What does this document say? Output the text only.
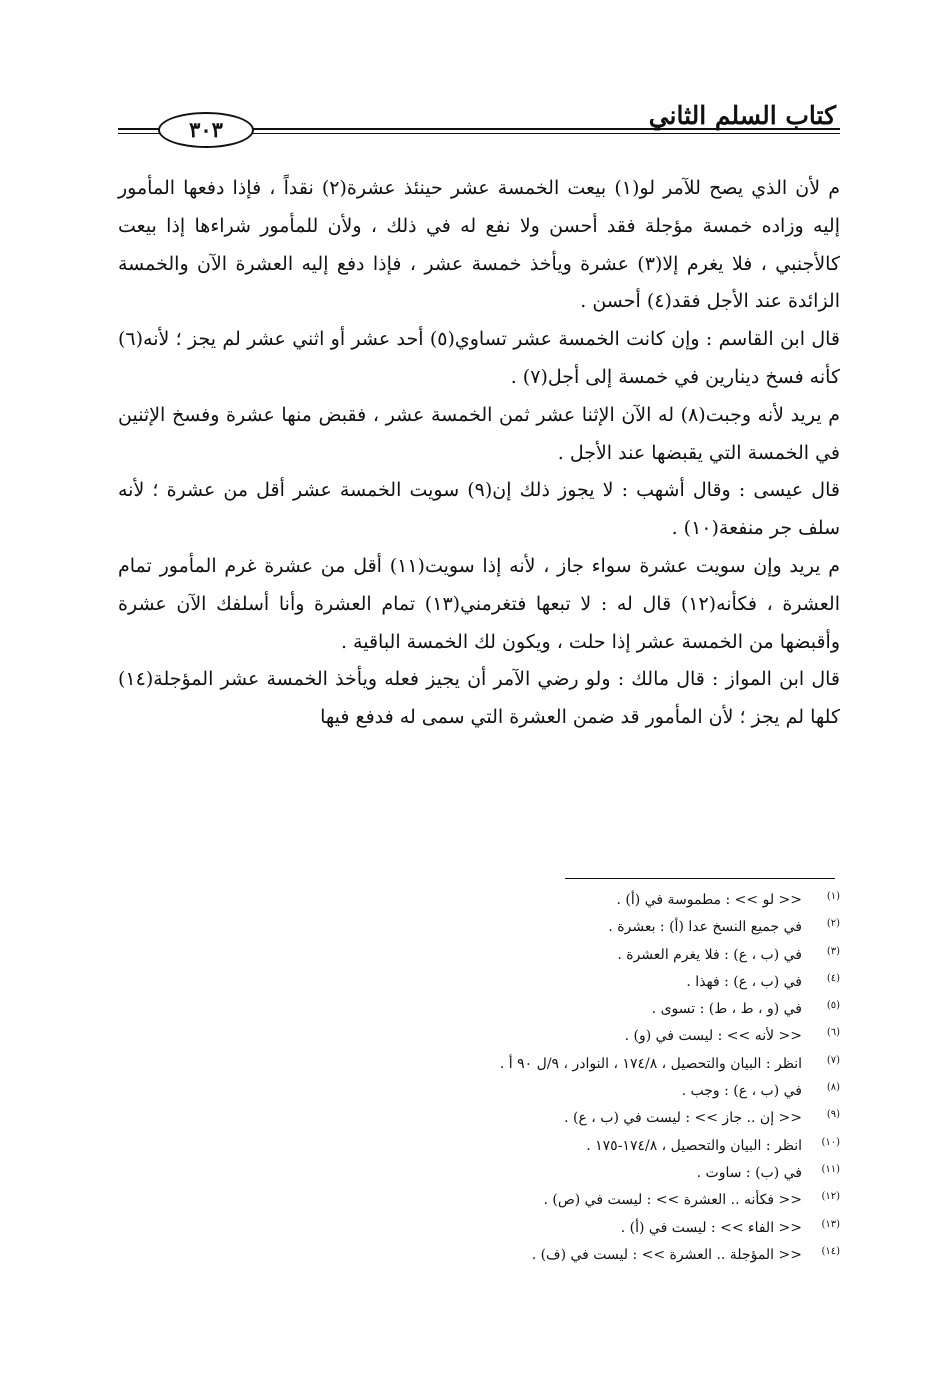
كتاب السلم الثاني
٣٠٣

م لأن الذي يصح للآمر لو(١) بيعت الخمسة عشر حينئذ عشرة(٢) نقداً ، فإذا دفعها المأمور إليه وزاده خمسة مؤجلة فقد أحسن ولا نفع له في ذلك ، ولأن للمأمور شراءها إذا بيعت كالأجنبي ، فلا يغرم إلا(٣) عشرة ويأخذ خمسة عشر ، فإذا دفع إليه العشرة الآن والخمسة الزائدة عند الأجل فقد(٤) أحسن .

قال ابن القاسم : وإن كانت الخمسة عشر تساوي(٥) أحد عشر أو اثني عشر لم يجز ؛ لأنه(٦) كأنه فسخ دينارين في خمسة إلى أجل(٧) .

م يريد لأنه وجبت(٨) له الآن الإثنا عشر ثمن الخمسة عشر ، فقبض منها عشرة وفسخ الإثنين في الخمسة التي يقبضها عند الأجل .

قال عيسى : وقال أشهب : لا يجوز ذلك إن(٩) سويت الخمسة عشر أقل من عشرة ؛ لأنه سلف جر منفعة(١٠) .

م يريد وإن سويت عشرة سواء جاز ، لأنه إذا سويت(١١) أقل من عشرة غرم المأمور تمام العشرة ، فكأنه(١٢) قال له : لا تبعها فتغرمني(١٣) تمام العشرة وأنا أسلفك الآن عشرة وأقبضها من الخمسة عشر إذا حلت ، ويكون لك الخمسة الباقية .

قال ابن المواز : قال مالك : ولو رضي الآمر أن يجيز فعله ويأخذ الخمسة عشر المؤجلة(١٤) كلها لم يجز ؛ لأن المأمور قد ضمن العشرة التي سمى له فدفع فيها

(١)<< لو >> : مطموسة في (أ) .
(٢)في جميع النسخ عدا (أ) : بعشرة .
(٣)في (ب ، ع) : فلا يغرم العشرة .
(٤)في (ب ، ع) : فهذا .
(٥)في (و ، ط ، ط) : تسوى .
(٦)<< لأنه >> : ليست في (و) .
(٧)انظر : البيان والتحصيل ، ١٧٤/٨ ، النوادر ، ٩/ل ٩٠ أ .
(٨)في (ب ، ع) : وجب .
(٩)<< إن .. جاز >> : ليست في (ب ، ع) .
(١٠)انظر : البيان والتحصيل ، ١٧٤/٨-١٧٥ .
(١١)في (ب) : ساوت .
(١٢)<< فكأنه .. العشرة >> : ليست في (ص) .
(١٣)<< الفاء >> : ليست في (أ) .
(١٤)<< المؤجلة .. العشرة >> : ليست في (ف) .
